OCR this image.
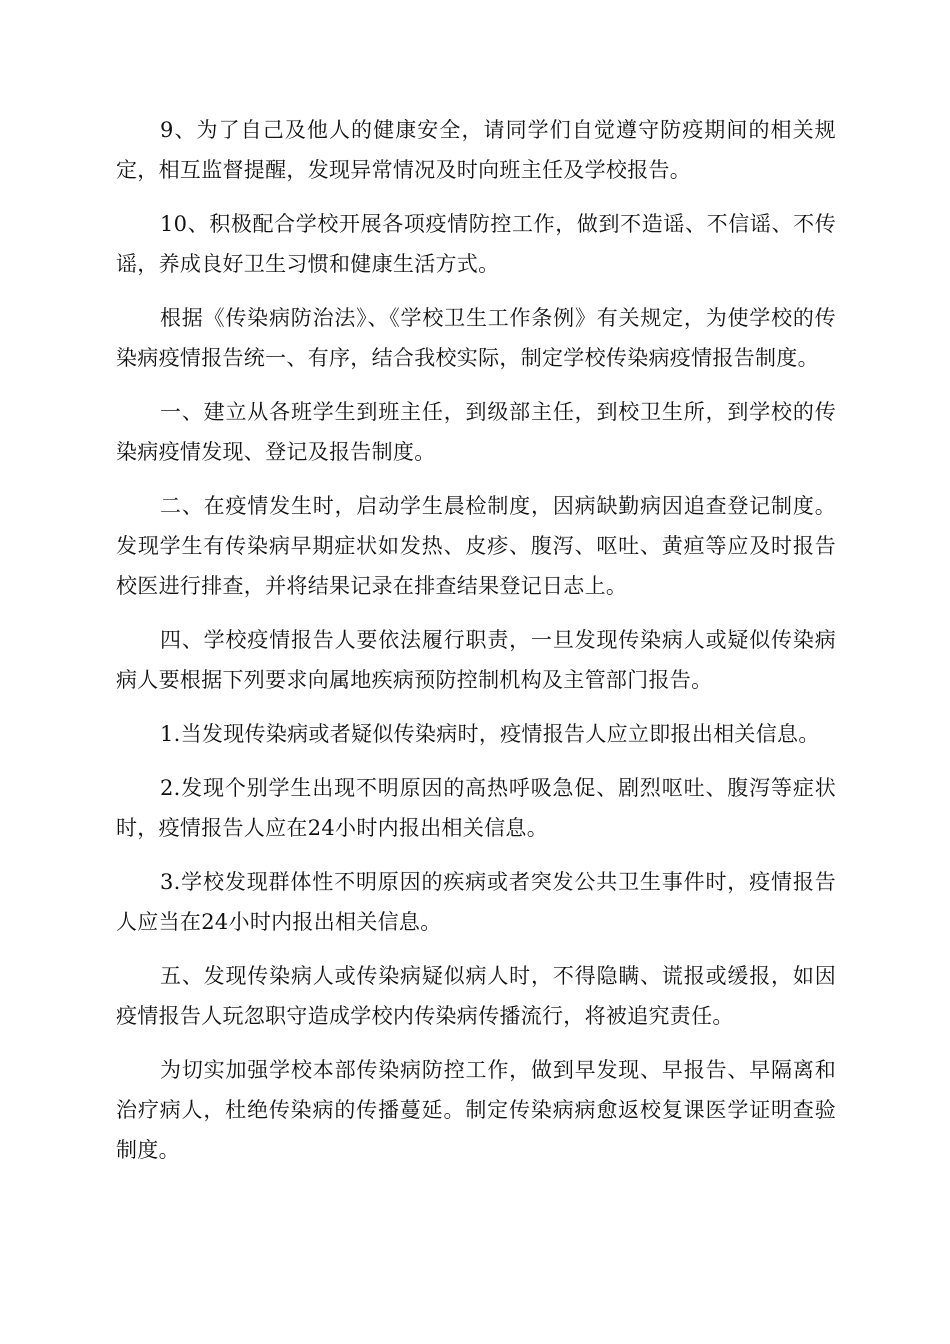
9、为了自己及他人的健康安全，请同学们自觉遵守防疫期间的相关规定，相互监督提醒，发现异常情况及时向班主任及学校报告。

10、积极配合学校开展各项疫情防控工作，做到不造谣、不信谣、不传谣，养成良好卫生习惯和健康生活方式。

根据《传染病防治法》、《学校卫生工作条例》有关规定，为使学校的传染病疫情报告统一、有序，结合我校实际，制定学校传染病疫情报告制度。

一、建立从各班学生到班主任，到级部主任，到校卫生所，到学校的传染病疫情发现、登记及报告制度。

二、在疫情发生时，启动学生晨检制度，因病缺勤病因追查登记制度。发现学生有传染病早期症状如发热、皮疹、腹泻、呕吐、黄疸等应及时报告校医进行排查，并将结果记录在排查结果登记日志上。

四、学校疫情报告人要依法履行职责，一旦发现传染病人或疑似传染病病人要根据下列要求向属地疾病预防控制机构及主管部门报告。

1.当发现传染病或者疑似传染病时，疫情报告人应立即报出相关信息。

2.发现个别学生出现不明原因的高热呼吸急促、剧烈呕吐、腹泻等症状时，疫情报告人应在24小时内报出相关信息。

3.学校发现群体性不明原因的疾病或者突发公共卫生事件时，疫情报告人应当在24小时内报出相关信息。

五、发现传染病人或传染病疑似病人时，不得隐瞒、谎报或缓报，如因疫情报告人玩忽职守造成学校内传染病传播流行，将被追究责任。

为切实加强学校本部传染病防控工作，做到早发现、早报告、早隔离和治疗病人，杜绝传染病的传播蔓延。制定传染病病愈返校复课医学证明查验制度。
